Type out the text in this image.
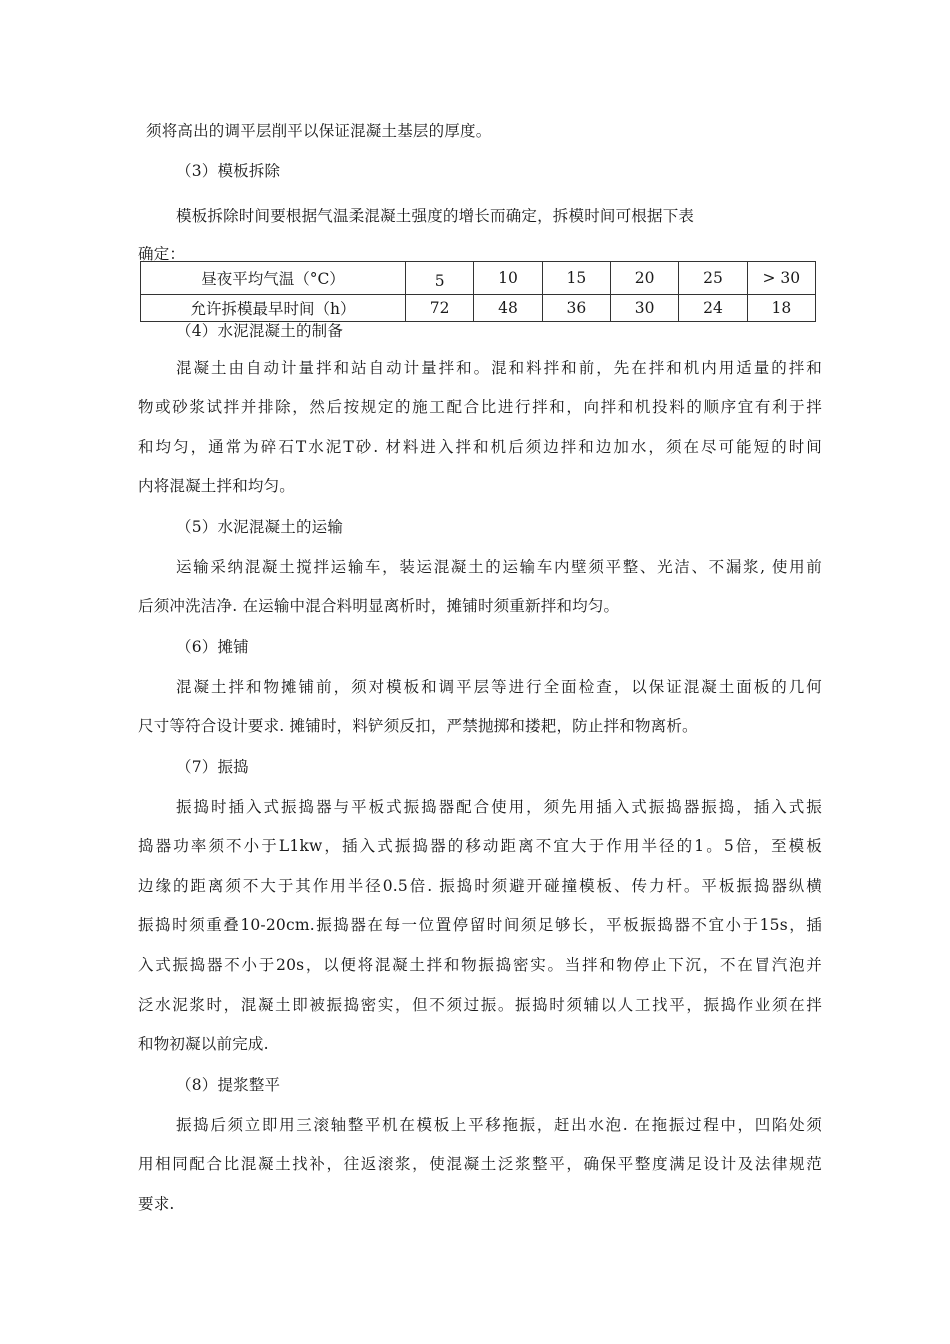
须将高出的调平层削平以保证混凝土基层的厚度。
（3）模板拆除
模板拆除时间要根据气温柔混凝土强度的增长而确定，拆模时间可根据下表
确定：
昼夜平均气温（°C）	5	10	15	20	25	> 30
允许拆模最早时间（h）	72	48	36	30	24	18
（4）水泥混凝土的制备
混凝土由自动计量拌和站自动计量拌和。混和料拌和前，先在拌和机内用适量的拌和
物或砂浆试拌并排除，然后按规定的施工配合比进行拌和，向拌和机投料的顺序宜有利于拌
和均匀，通常为碎石T水泥T砂. 材料进入拌和机后须边拌和边加水，须在尽可能短的时间
内将混凝土拌和均匀。
（5）水泥混凝土的运输
运输采纳混凝土搅拌运输车，装运混凝土的运输车内壁须平整、光洁、不漏浆, 使用前
后须冲洗洁净. 在运输中混合料明显离析时，摊铺时须重新拌和均匀。
（6）摊铺
混凝土拌和物摊铺前，须对模板和调平层等进行全面检查，以保证混凝土面板的几何
尺寸等符合设计要求. 摊铺时，料铲须反扣，严禁抛掷和搂耙，防止拌和物离析。
（7）振捣
振捣时插入式振捣器与平板式振捣器配合使用，须先用插入式振捣器振捣，插入式振
捣器功率须不小于L1kw，插入式振捣器的移动距离不宜大于作用半径的1。5倍，至模板
边缘的距离须不大于其作用半径0.5倍. 振捣时须避开碰撞模板、传力杆。平板振捣器纵横
振捣时须重叠10-20cm.振捣器在每一位置停留时间须足够长，平板振捣器不宜小于15s，插
入式振捣器不小于20s，以便将混凝土拌和物振捣密实。当拌和物停止下沉，不在冒汽泡并
泛水泥浆时，混凝土即被振捣密实，但不须过振。振捣时须辅以人工找平，振捣作业须在拌
和物初凝以前完成.
（8）提浆整平
振捣后须立即用三滚轴整平机在模板上平移拖振，赶出水泡. 在拖振过程中，凹陷处须
用相同配合比混凝土找补，往返滚浆，使混凝土泛浆整平，确保平整度满足设计及法律规范
要求.
